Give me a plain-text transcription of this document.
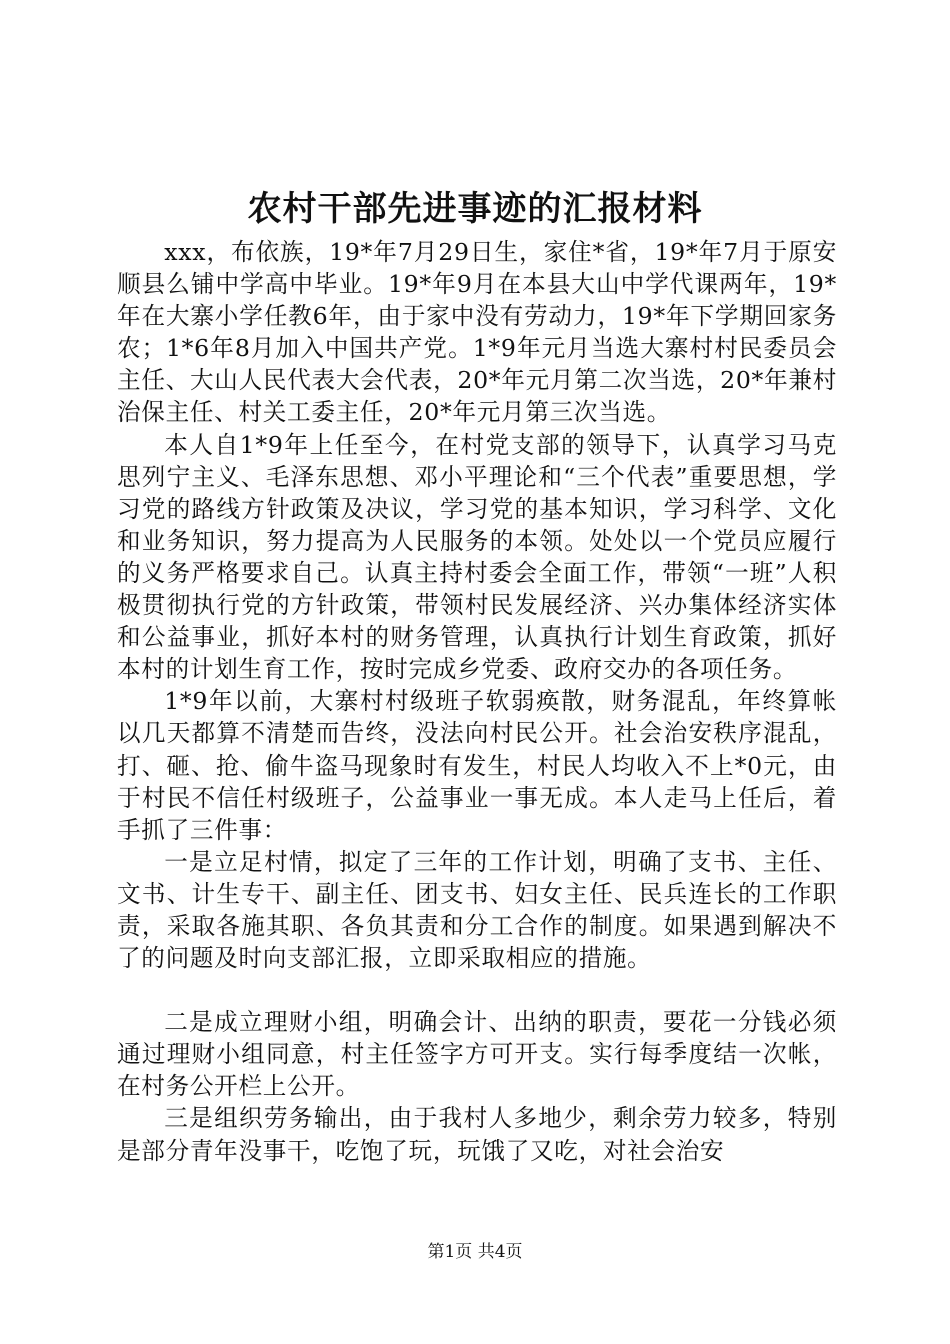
农村干部先进事迹的汇报材料

xxx，布依族，19*年7月29日生，家住*省，19*年7月于原安顺县么铺中学高中毕业。19*年9月在本县大山中学代课两年，19*年在大寨小学任教6年，由于家中没有劳动力，19*年下学期回家务农；1*6年8月加入中国共产党。1*9年元月当选大寨村村民委员会主任、大山人民代表大会代表，20*年元月第二次当选，20*年兼村治保主任、村关工委主任，20*年元月第三次当选。

本人自1*9年上任至今，在村党支部的领导下，认真学习马克思列宁主义、毛泽东思想、邓小平理论和“三个代表”重要思想，学习党的路线方针政策及决议，学习党的基本知识，学习科学、文化和业务知识，努力提高为人民服务的本领。处处以一个党员应履行的义务严格要求自己。认真主持村委会全面工作，带领“一班”人积极贯彻执行党的方针政策，带领村民发展经济、兴办集体经济实体和公益事业，抓好本村的财务管理，认真执行计划生育政策，抓好本村的计划生育工作，按时完成乡党委、政府交办的各项任务。

1*9年以前，大寨村村级班子软弱痪散，财务混乱，年终算帐以几天都算不清楚而告终，没法向村民公开。社会治安秩序混乱，打、砸、抢、偷牛盗马现象时有发生，村民人均收入不上*0元，由于村民不信任村级班子，公益事业一事无成。本人走马上任后，着手抓了三件事：

一是立足村情，拟定了三年的工作计划，明确了支书、主任、文书、计生专干、副主任、团支书、妇女主任、民兵连长的工作职责，采取各施其职、各负其责和分工合作的制度。如果遇到解决不了的问题及时向支部汇报，立即采取相应的措施。

二是成立理财小组，明确会计、出纳的职责，要花一分钱必须通过理财小组同意，村主任签字方可开支。实行每季度结一次帐，在村务公开栏上公开。

三是组织劳务输出，由于我村人多地少，剩余劳力较多，特别是部分青年没事干，吃饱了玩，玩饿了又吃，对社会治安

第1页 共4页
